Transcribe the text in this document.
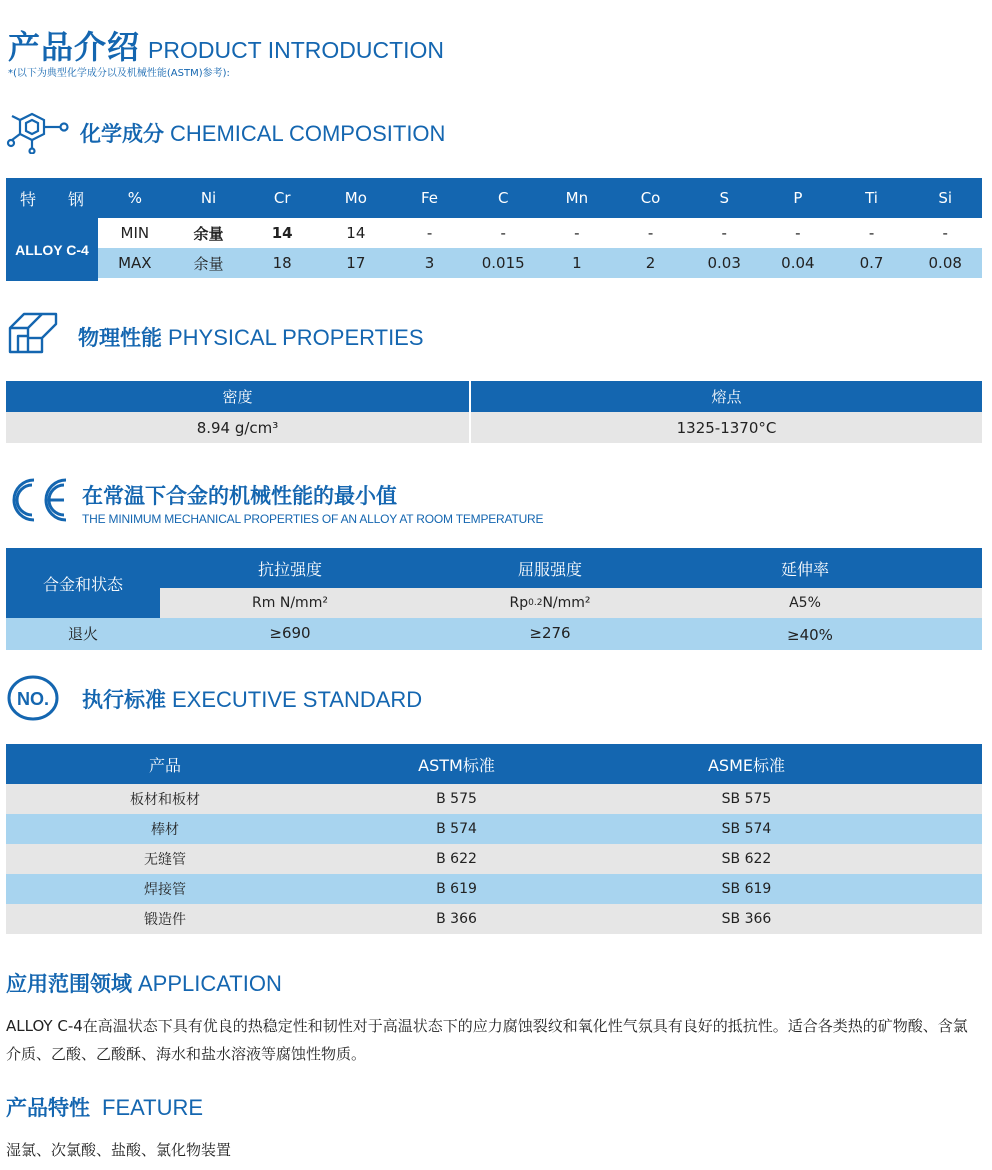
产品介绍 PRODUCT INTRODUCTION
*(以下为典型化学成分以及机械性能(ASTM)参考):
化学成分 CHEMICAL COMPOSITION
特　　钢	%	Ni	Cr	Mo	Fe	C	Mn	Co	S	P	Ti	Si
MIN	余量	14	14	-	-	-	-	-	-	-	-
MAX	余量	18	17	3	0.015	1	2	0.03	0.04	0.7	0.08
ALLOY C-4
物理性能 PHYSICAL PROPERTIES
密度	熔点
8.94 g/cm³	1325-1370°C
在常温下合金的机械性能的最小值
THE MINIMUM MECHANICAL PROPERTIES OF AN ALLOY AT ROOM TEMPERATURE
合金和状态
抗拉强度	屈服强度	延伸率
Rm N/mm²	Rp 0.2 N/mm²	A5%
退火	≥690	≥276	≥40%
NO. 执行标准 EXECUTIVE STANDARD
产品	ASTM标准	ASME标准
板材和板材	B 575	SB 575
棒材	B 574	SB 574
无缝管	B 622	SB 622
焊接管	B 619	SB 619
锻造件	B 366	SB 366
应用范围领域 APPLICATION
ALLOY C-4在高温状态下具有优良的热稳定性和韧性对于高温状态下的应力腐蚀裂纹和氧化性气氛具有良好的抵抗性。适合各类热的矿物酸、含氯介质、乙酸、乙酸酥、海水和盐水溶液等腐蚀性物质。
产品特性 FEATURE
湿氯、次氯酸、盐酸、氯化物装置
